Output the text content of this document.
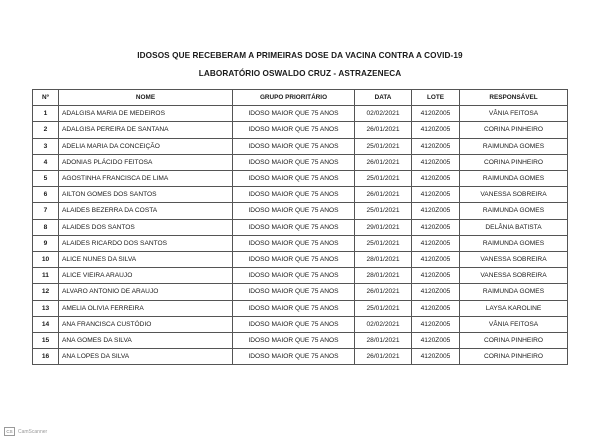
IDOSOS QUE RECEBERAM A PRIMEIRAS DOSE DA VACINA CONTRA A COVID-19
LABORATÓRIO OSWALDO CRUZ - ASTRAZENECA
Nº	NOME	GRUPO PRIORITÁRIO	DATA	LOTE	RESPONSÁVEL
1	ADALGISA MARIA DE MEDEIROS	IDOSO MAIOR QUE 75 ANOS	02/02/2021	4120Z005	VÂNIA FEITOSA
2	ADALGISA PEREIRA DE SANTANA	IDOSO MAIOR QUE 75 ANOS	26/01/2021	4120Z005	CORINA PINHEIRO
3	ADELIA MARIA DA CONCEIÇÃO	IDOSO MAIOR QUE 75 ANOS	25/01/2021	4120Z005	RAIMUNDA GOMES
4	ADONIAS PLÁCIDO FEITOSA	IDOSO MAIOR QUE 75 ANOS	26/01/2021	4120Z005	CORINA PINHEIRO
5	AGOSTINHA FRANCISCA DE LIMA	IDOSO MAIOR QUE 75 ANOS	25/01/2021	4120Z005	RAIMUNDA GOMES
6	AILTON GOMES DOS SANTOS	IDOSO MAIOR QUE 75 ANOS	26/01/2021	4120Z005	VANESSA SOBREIRA
7	ALAIDES BEZERRA DA COSTA	IDOSO MAIOR QUE 75 ANOS	25/01/2021	4120Z005	RAIMUNDA GOMES
8	ALAIDES DOS SANTOS	IDOSO MAIOR QUE 75 ANOS	29/01/2021	4120Z005	DELÂNIA BATISTA
9	ALAIDES RICARDO DOS SANTOS	IDOSO MAIOR QUE 75 ANOS	25/01/2021	4120Z005	RAIMUNDA GOMES
10	ALICE NUNES DA SILVA	IDOSO MAIOR QUE 75 ANOS	28/01/2021	4120Z005	VANESSA SOBREIRA
11	ALICE VIEIRA ARAUJO	IDOSO MAIOR QUE 75 ANOS	28/01/2021	4120Z005	VANESSA SOBREIRA
12	ALVARO ANTONIO DE ARAUJO	IDOSO MAIOR QUE 75 ANOS	26/01/2021	4120Z005	RAIMUNDA GOMES
13	AMELIA OLIVIA FERREIRA	IDOSO MAIOR QUE 75 ANOS	25/01/2021	4120Z005	LAYSA KAROLINE
14	ANA FRANCISCA CUSTÓDIO	IDOSO MAIOR QUE 75 ANOS	02/02/2021	4120Z005	VÂNIA FEITOSA
15	ANA GOMES DA SILVA	IDOSO MAIOR QUE 75 ANOS	28/01/2021	4120Z005	CORINA PINHEIRO
16	ANA LOPES DA SILVA	IDOSO MAIOR QUE 75 ANOS	26/01/2021	4120Z005	CORINA PINHEIRO
CS	CamScanner
